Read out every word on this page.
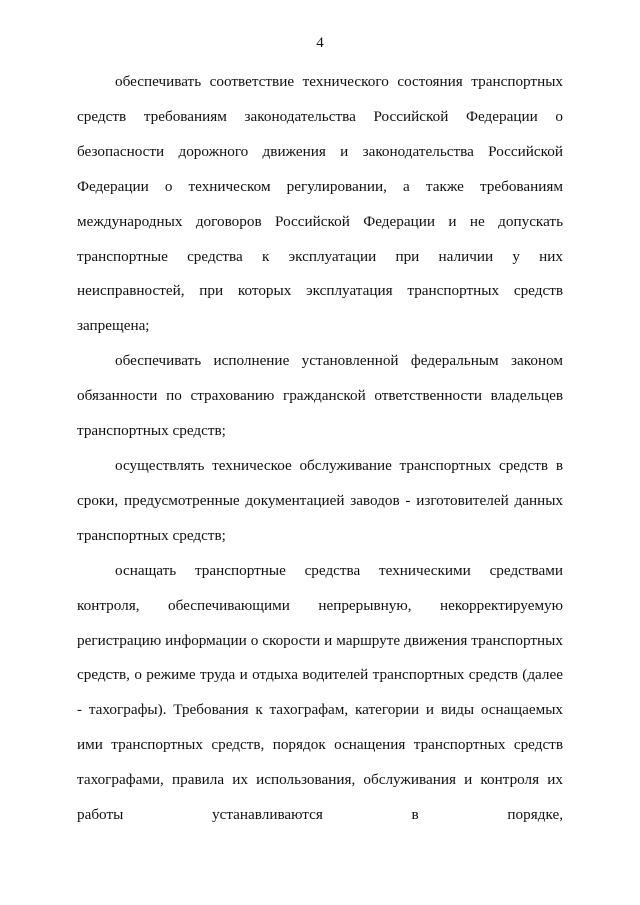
4

обеспечивать соответствие технического состояния транспортных средств требованиям законодательства Российской Федерации о безопасности дорожного движения и законодательства Российской Федерации о техническом регулировании, а также требованиям международных договоров Российской Федерации и не допускать транспортные средства к эксплуатации при наличии у них неисправностей, при которых эксплуатация транспортных средств запрещена;

обеспечивать исполнение установленной федеральным законом обязанности по страхованию гражданской ответственности владельцев транспортных средств;

осуществлять техническое обслуживание транспортных средств в сроки, предусмотренные документацией заводов - изготовителей данных транспортных средств;

оснащать транспортные средства техническими средствами контроля, обеспечивающими непрерывную, некорректируемую регистрацию информации о скорости и маршруте движения транспортных средств, о режиме труда и отдыха водителей транспортных средств (далее - тахографы). Требования к тахографам, категории и виды оснащаемых ими транспортных средств, порядок оснащения транспортных средств тахографами, правила их использования, обслуживания и контроля их работы устанавливаются в порядке,
